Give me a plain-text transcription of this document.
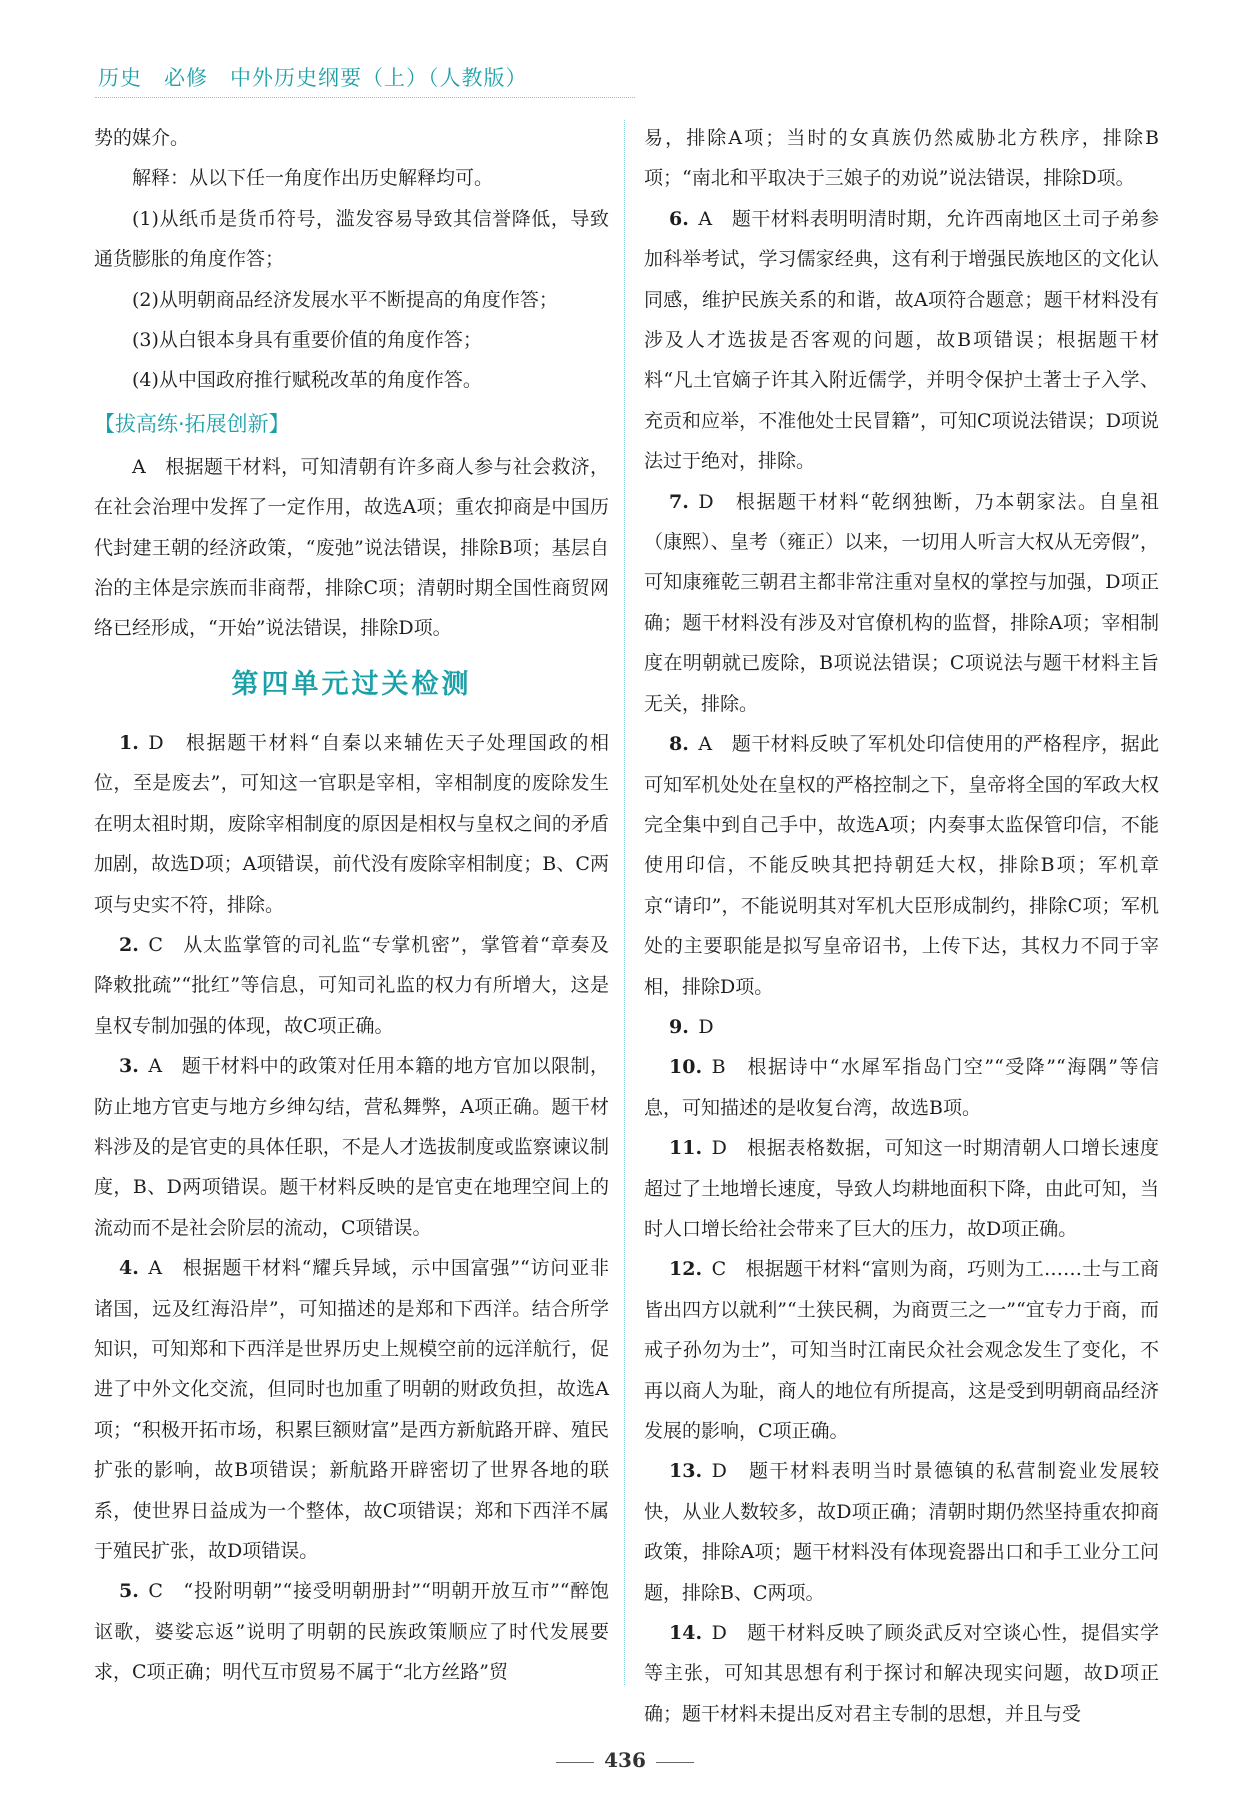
历史　必修　中外历史纲要（上）（人教版）

势的媒介。

解释：从以下任一角度作出历史解释均可。

(1)从纸币是货币符号，滥发容易导致其信誉降低，导致通货膨胀的角度作答；

(2)从明朝商品经济发展水平不断提高的角度作答；

(3)从白银本身具有重要价值的角度作答；

(4)从中国政府推行赋税改革的角度作答。

【拔高练·拓展创新】

A　根据题干材料，可知清朝有许多商人参与社会救济，在社会治理中发挥了一定作用，故选A项；重农抑商是中国历代封建王朝的经济政策，“废弛”说法错误，排除B项；基层自治的主体是宗族而非商帮，排除C项；清朝时期全国性商贸网络已经形成，“开始”说法错误，排除D项。

第四单元过关检测

1. D　根据题干材料“自秦以来辅佐天子处理国政的相位，至是废去”，可知这一官职是宰相，宰相制度的废除发生在明太祖时期，废除宰相制度的原因是相权与皇权之间的矛盾加剧，故选D项；A项错误，前代没有废除宰相制度；B、C两项与史实不符，排除。

2. C　从太监掌管的司礼监“专掌机密”，掌管着“章奏及降敕批疏”“批红”等信息，可知司礼监的权力有所增大，这是皇权专制加强的体现，故C项正确。

3. A　题干材料中的政策对任用本籍的地方官加以限制，防止地方官吏与地方乡绅勾结，营私舞弊，A项正确。题干材料涉及的是官吏的具体任职，不是人才选拔制度或监察谏议制度，B、D两项错误。题干材料反映的是官吏在地理空间上的流动而不是社会阶层的流动，C项错误。

4. A　根据题干材料“耀兵异域，示中国富强”“访问亚非诸国，远及红海沿岸”，可知描述的是郑和下西洋。结合所学知识，可知郑和下西洋是世界历史上规模空前的远洋航行，促进了中外文化交流，但同时也加重了明朝的财政负担，故选A项；“积极开拓市场，积累巨额财富”是西方新航路开辟、殖民扩张的影响，故B项错误；新航路开辟密切了世界各地的联系，使世界日益成为一个整体，故C项错误；郑和下西洋不属于殖民扩张，故D项错误。

5. C　“投附明朝”“接受明朝册封”“明朝开放互市”“醉饱讴歌，婆娑忘返”说明了明朝的民族政策顺应了时代发展要求，C项正确；明代互市贸易不属于“北方丝路”贸

易，排除A项；当时的女真族仍然威胁北方秩序，排除B项；“南北和平取决于三娘子的劝说”说法错误，排除D项。

6. A　题干材料表明明清时期，允许西南地区土司子弟参加科举考试，学习儒家经典，这有利于增强民族地区的文化认同感，维护民族关系的和谐，故A项符合题意；题干材料没有涉及人才选拔是否客观的问题，故B项错误；根据题干材料“凡土官嫡子许其入附近儒学，并明令保护土著士子入学、充贡和应举，不准他处士民冒籍”，可知C项说法错误；D项说法过于绝对，排除。

7. D　根据题干材料“乾纲独断，乃本朝家法。自皇祖（康熙）、皇考（雍正）以来，一切用人听言大权从无旁假”，可知康雍乾三朝君主都非常注重对皇权的掌控与加强，D项正确；题干材料没有涉及对官僚机构的监督，排除A项；宰相制度在明朝就已废除，B项说法错误；C项说法与题干材料主旨无关，排除。

8. A　题干材料反映了军机处印信使用的严格程序，据此可知军机处处在皇权的严格控制之下，皇帝将全国的军政大权完全集中到自己手中，故选A项；内奏事太监保管印信，不能使用印信，不能反映其把持朝廷大权，排除B项；军机章京“请印”，不能说明其对军机大臣形成制约，排除C项；军机处的主要职能是拟写皇帝诏书，上传下达，其权力不同于宰相，排除D项。

9. D

10. B　根据诗中“水犀军指岛门空”“受降”“海隅”等信息，可知描述的是收复台湾，故选B项。

11. D　根据表格数据，可知这一时期清朝人口增长速度超过了土地增长速度，导致人均耕地面积下降，由此可知，当时人口增长给社会带来了巨大的压力，故D项正确。

12. C　根据题干材料“富则为商，巧则为工……士与工商皆出四方以就利”“土狭民稠，为商贾三之一”“宜专力于商，而戒子孙勿为士”，可知当时江南民众社会观念发生了变化，不再以商人为耻，商人的地位有所提高，这是受到明朝商品经济发展的影响，C项正确。

13. D　题干材料表明当时景德镇的私营制瓷业发展较快，从业人数较多，故D项正确；清朝时期仍然坚持重农抑商政策，排除A项；题干材料没有体现瓷器出口和手工业分工问题，排除B、C两项。

14. D　题干材料反映了顾炎武反对空谈心性，提倡实学等主张，可知其思想有利于探讨和解决现实问题，故D项正确；题干材料未提出反对君主专制的思想，并且与受

436
